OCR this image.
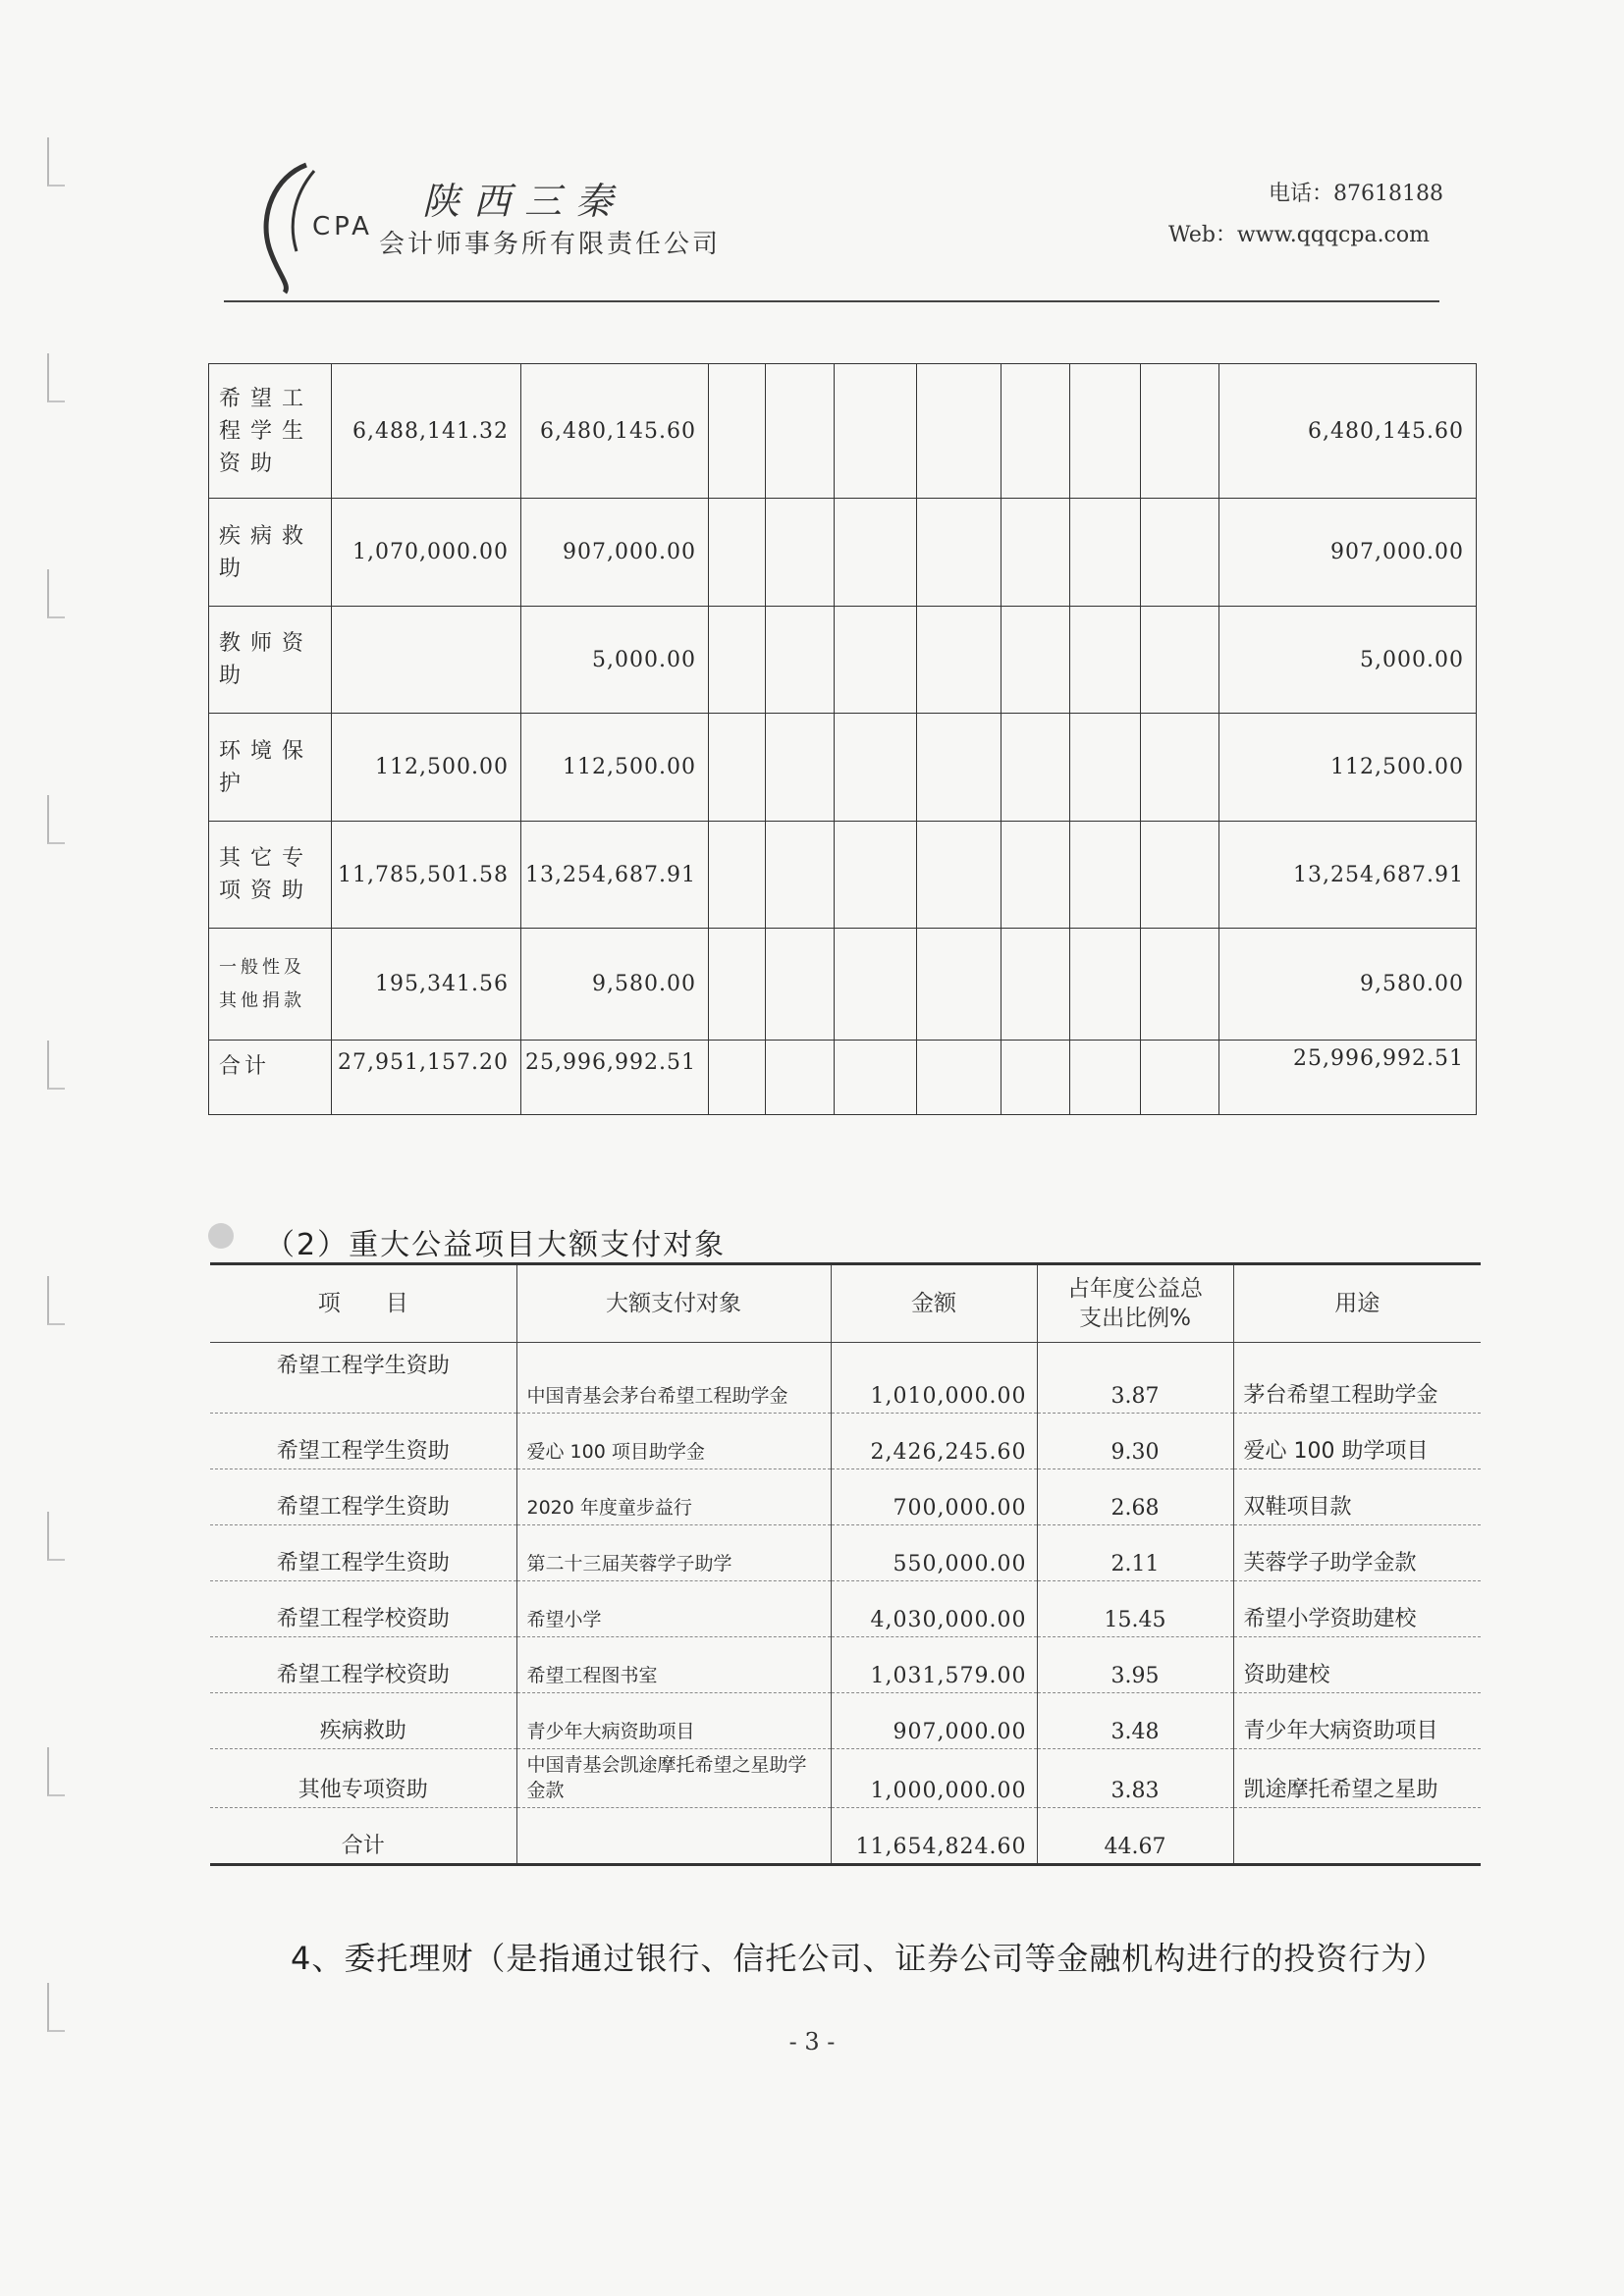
CPA
陕西三秦
会计师事务所有限责任公司
电话：87618188
Web：www.qqqcpa.com
希望工程学生资助	6,488,141.32	6,480,145.60								6,480,145.60
疾病救助	1,070,000.00	907,000.00								907,000.00
教师资助		5,000.00								5,000.00
环境保护	112,500.00	112,500.00								112,500.00
其它专项资助	11,785,501.58	13,254,687.91								13,254,687.91
一般性及其他捐款	195,341.56	9,580.00								9,580.00
合计	27,951,157.20	25,996,992.51								25,996,992.51
（2）重大公益项目大额支付对象
项　　目	大额支付对象	金额	占年度公益总支出比例%	用途
希望工程学生资助	中国青基会茅台希望工程助学金	1,010,000.00	3.87	茅台希望工程助学金
希望工程学生资助	爱心 100 项目助学金	2,426,245.60	9.30	爱心 100 助学项目
希望工程学生资助	2020 年度童步益行	700,000.00	2.68	双鞋项目款
希望工程学生资助	第二十三届芙蓉学子助学	550,000.00	2.11	芙蓉学子助学金款
希望工程学校资助	希望小学	4,030,000.00	15.45	希望小学资助建校
希望工程学校资助	希望工程图书室	1,031,579.00	3.95	资助建校
疾病救助	青少年大病资助项目	907,000.00	3.48	青少年大病资助项目
其他专项资助	中国青基会凯途摩托希望之星助学金款	1,000,000.00	3.83	凯途摩托希望之星助
合计		11,654,824.60	44.67	
4、委托理财（是指通过银行、信托公司、证券公司等金融机构进行的投资行为）
- 3 -
